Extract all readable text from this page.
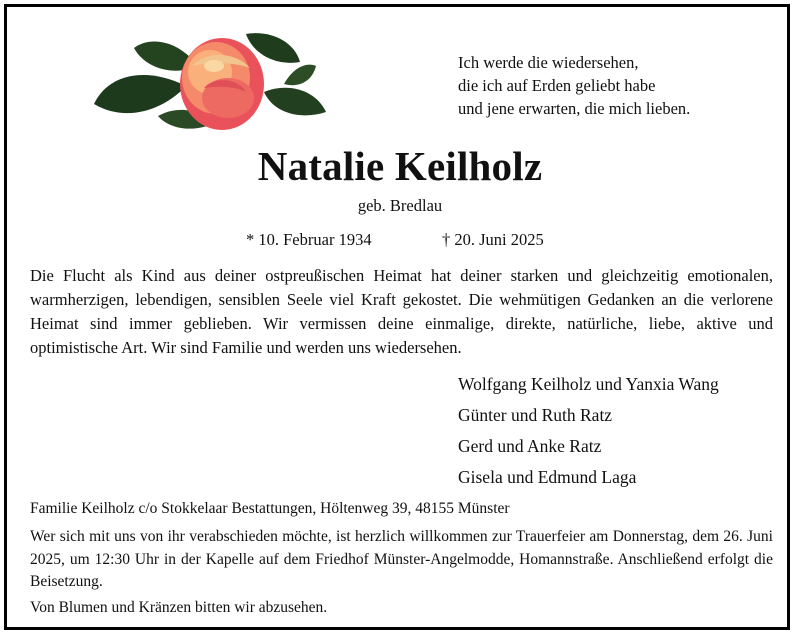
Ich werde die wiedersehen,
die ich auf Erden geliebt habe
und jene erwarten, die mich lieben.
Natalie Keilholz
geb. Bredlau
* 10. Februar 1934	† 20. Juni 2025
Die Flucht als Kind aus deiner ostpreußischen Heimat hat deiner starken und gleichzeitig emotionalen, warmherzigen, lebendigen, sensiblen Seele viel Kraft gekostet. Die wehmütigen Gedanken an die verlorene Heimat sind immer geblieben. Wir vermissen deine einmalige, direkte, natürliche, liebe, aktive und optimistische Art. Wir sind Familie und werden uns wiedersehen.
Wolfgang Keilholz und Yanxia Wang
Günter und Ruth Ratz
Gerd und Anke Ratz
Gisela und Edmund Laga
Familie Keilholz c/o Stokkelaar Bestattungen, Höltenweg 39, 48155 Münster
Wer sich mit uns von ihr verabschieden möchte, ist herzlich willkommen zur Trauerfeier am Donnerstag, dem 26. Juni 2025, um 12:30 Uhr in der Kapelle auf dem Friedhof Münster-Angelmodde, Homannstraße. Anschließend erfolgt die Beisetzung.
Von Blumen und Kränzen bitten wir abzusehen.
